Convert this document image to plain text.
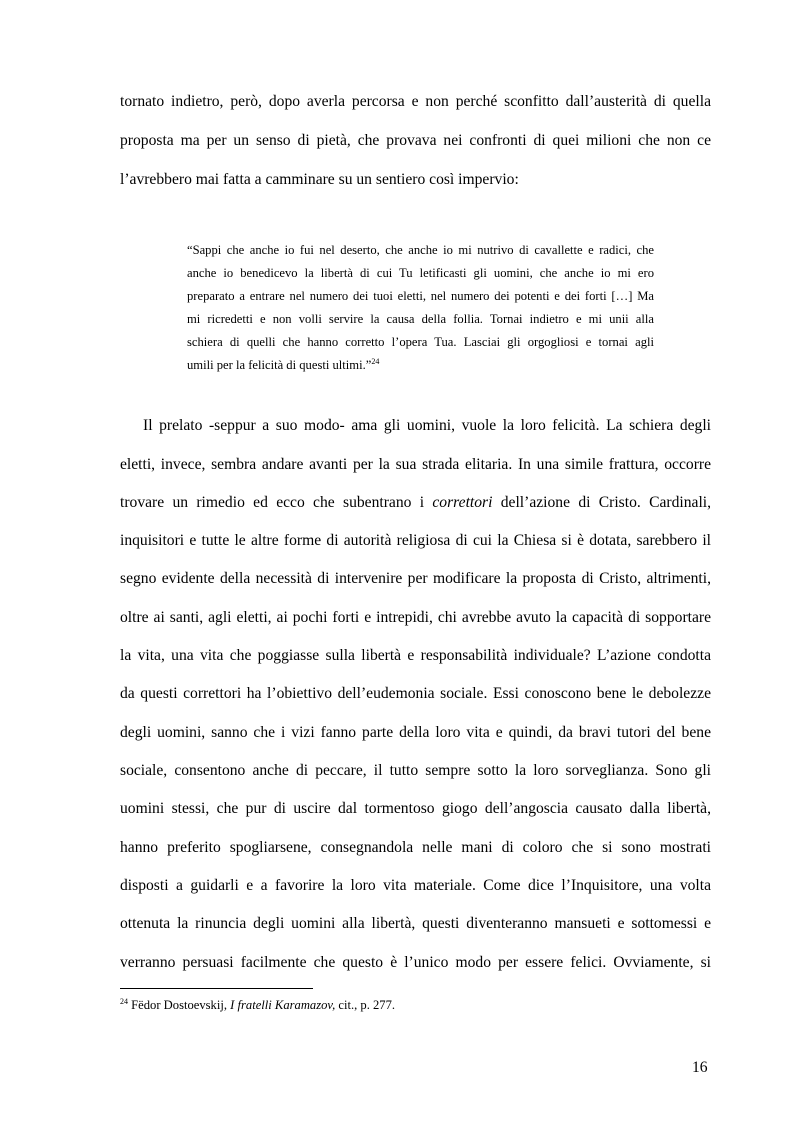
tornato indietro, però, dopo averla percorsa e non perché sconfitto dall’austerità di quella
proposta ma per un senso di pietà, che provava nei confronti di quei milioni che non ce
l’avrebbero mai fatta a camminare su un sentiero così impervio:
“Sappi che anche io fui nel deserto, che anche io mi nutrivo di cavallette e radici, che
anche io benedicevo la libertà di cui Tu letificasti gli uomini, che anche io mi ero
preparato a entrare nel numero dei tuoi eletti, nel numero dei potenti e dei forti […] Ma
mi ricredetti e non volli servire la causa della follia. Tornai indietro e mi unii alla
schiera di quelli che hanno corretto l’opera Tua. Lasciai gli orgogliosi e tornai agli
umili per la felicità di questi ultimi.”$^{24}$
Il prelato -seppur a suo modo- ama gli uomini, vuole la loro felicità. La schiera degli
eletti, invece, sembra andare avanti per la sua strada elitaria. In una simile frattura, occorre
trovare un rimedio ed ecco che subentrano i correttori dell’azione di Cristo. Cardinali,
inquisitori e tutte le altre forme di autorità religiosa di cui la Chiesa si è dotata, sarebbero il
segno evidente della necessità di intervenire per modificare la proposta di Cristo, altrimenti,
oltre ai santi, agli eletti, ai pochi forti e intrepidi, chi avrebbe avuto la capacità di sopportare
la vita, una vita che poggiasse sulla libertà e responsabilità individuale? L’azione condotta
da questi correttori ha l’obiettivo dell’eudemonia sociale. Essi conoscono bene le debolezze
degli uomini, sanno che i vizi fanno parte della loro vita e quindi, da bravi tutori del bene
sociale, consentono anche di peccare, il tutto sempre sotto la loro sorveglianza. Sono gli
uomini stessi, che pur di uscire dal tormentoso giogo dell’angoscia causato dalla libertà,
hanno preferito spogliarsene, consegnandola nelle mani di coloro che si sono mostrati
disposti a guidarli e a favorire la loro vita materiale. Come dice l’Inquisitore, una volta
ottenuta la rinuncia degli uomini alla libertà, questi diventeranno mansueti e sottomessi e
verranno persuasi facilmente che questo è l’unico modo per essere felici. Ovviamente, si
$^{24}$ Fëdor Dostoevskij, I fratelli Karamazov, cit., p. 277.
16
